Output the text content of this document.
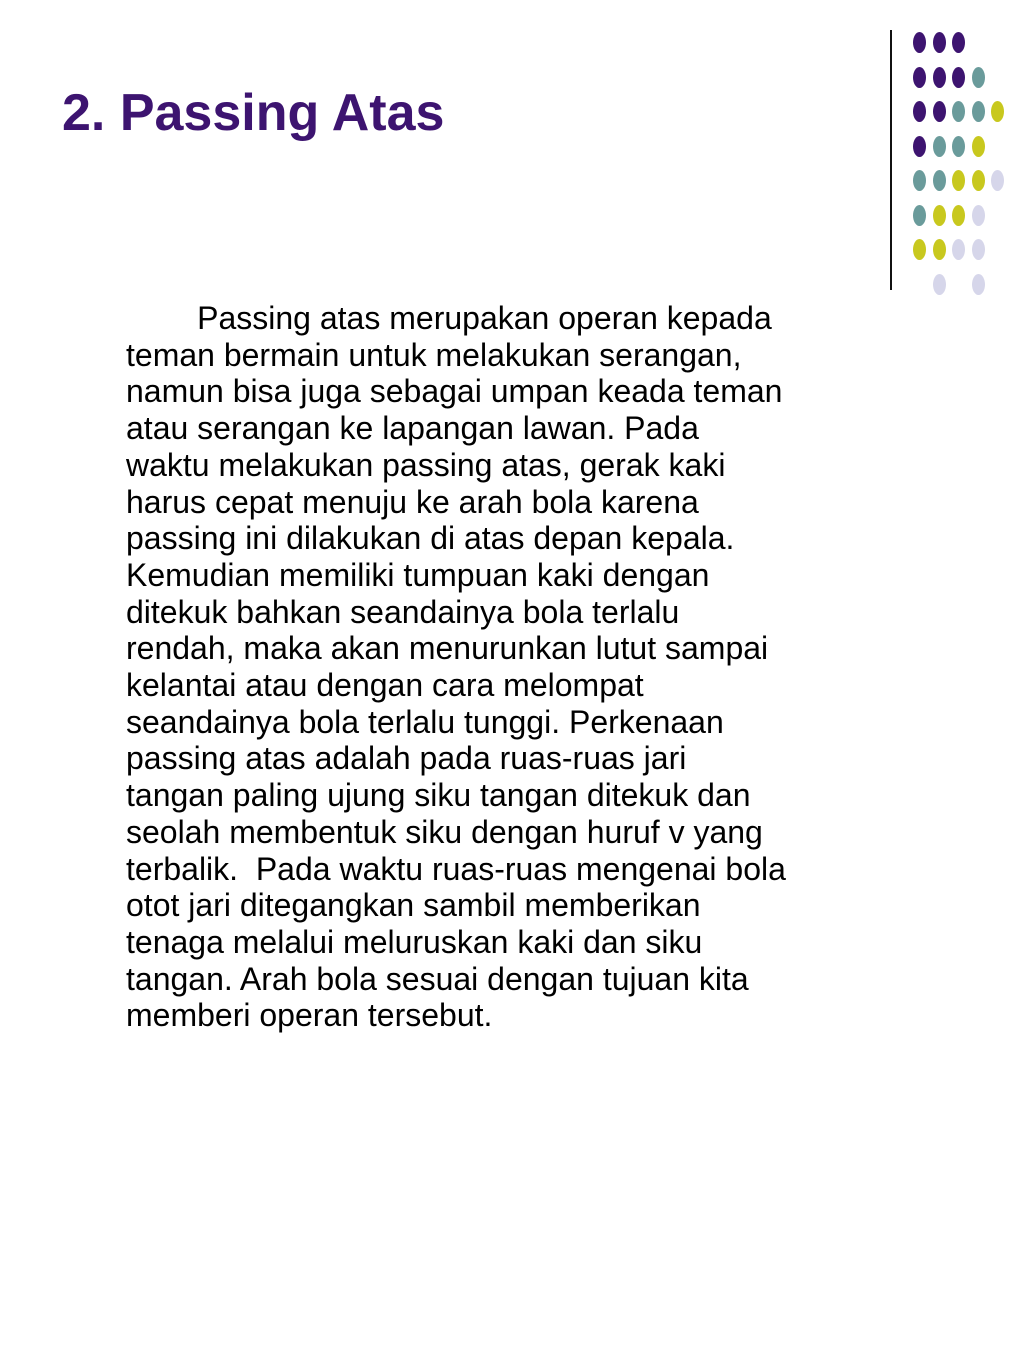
2. Passing Atas
Passing atas merupakan operan kepada
teman bermain untuk melakukan serangan,
namun bisa juga sebagai umpan keada teman
atau serangan ke lapangan lawan. Pada
waktu melakukan passing atas, gerak kaki
harus cepat menuju ke arah bola karena
passing ini dilakukan di atas depan kepala.
Kemudian memiliki tumpuan kaki dengan
ditekuk bahkan seandainya bola terlalu
rendah, maka akan menurunkan lutut sampai
kelantai atau dengan cara melompat
seandainya bola terlalu tunggi. Perkenaan
passing atas adalah pada ruas-ruas jari
tangan paling ujung siku tangan ditekuk dan
seolah membentuk siku dengan huruf v yang
terbalik.  Pada waktu ruas-ruas mengenai bola
otot jari ditegangkan sambil memberikan
tenaga melalui meluruskan kaki dan siku
tangan. Arah bola sesuai dengan tujuan kita
memberi operan tersebut.
